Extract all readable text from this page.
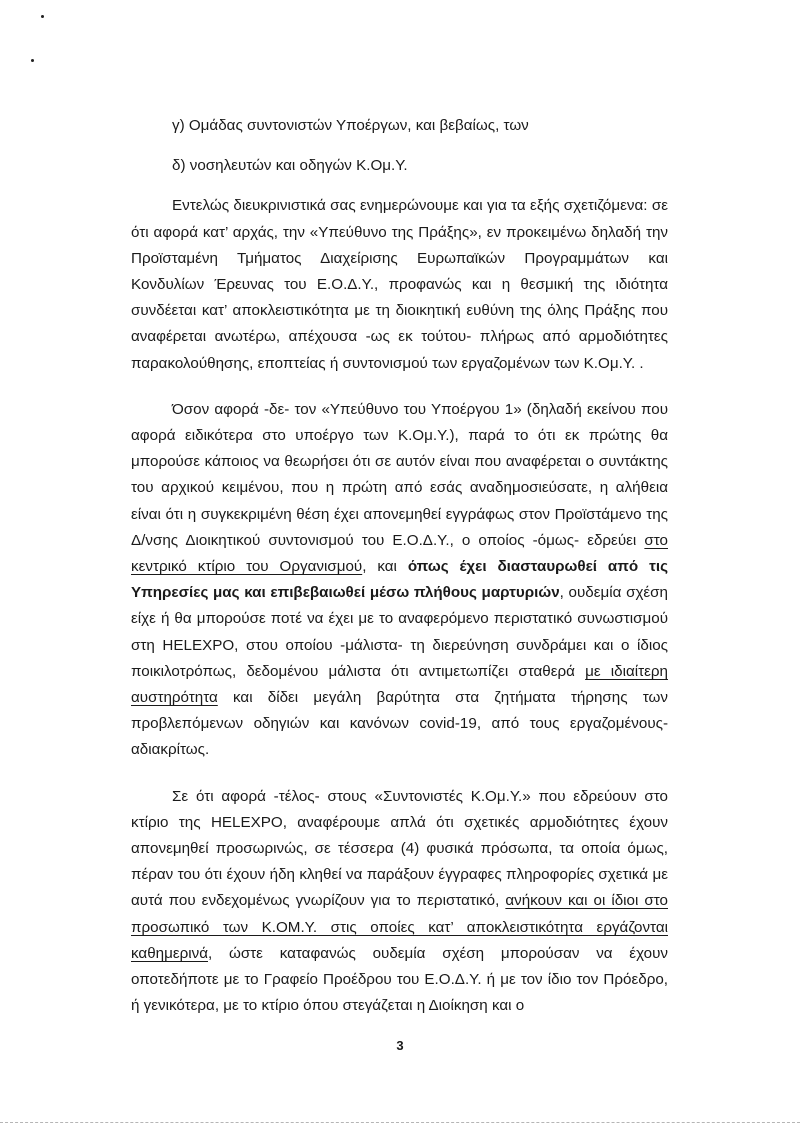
γ) Ομάδας συντονιστών Υποέργων, και βεβαίως, των

δ) νοσηλευτών και οδηγών Κ.Ομ.Υ.

Εντελώς διευκρινιστικά σας ενημερώνουμε και για τα εξής σχετιζόμενα: σε ότι αφορά κατ’ αρχάς, την «Υπεύθυνο της Πράξης», εν προκειμένω δηλαδή την Προϊσταμένη Τμήματος Διαχείρισης Ευρωπαϊκών Προγραμμάτων και Κονδυλίων Έρευνας του Ε.Ο.Δ.Υ., προφανώς και η θεσμική της ιδιότητα συνδέεται κατ’ αποκλειστικότητα με τη διοικητική ευθύνη της όλης Πράξης που αναφέρεται ανωτέρω, απέχουσα -ως εκ τούτου- πλήρως από αρμοδιότητες παρακολούθησης, εποπτείας ή συντονισμού των εργαζομένων των Κ.Ομ.Υ. .

Όσον αφορά -δε- τον «Υπεύθυνο του Υποέργου 1» (δηλαδή εκείνου που αφορά ειδικότερα στο υποέργο των Κ.Ομ.Υ.), παρά το ότι εκ πρώτης θα μπορούσε κάποιος να θεωρήσει ότι σε αυτόν είναι που αναφέρεται ο συντάκτης του αρχικού κειμένου, που η πρώτη από εσάς αναδημοσιεύσατε, η αλήθεια είναι ότι η συγκεκριμένη θέση έχει απονεμηθεί εγγράφως στον Προϊστάμενο της Δ/νσης Διοικητικού συντονισμού του Ε.Ο.Δ.Υ., ο οποίος -όμως- εδρεύει στο κεντρικό κτίριο του Οργανισμού, και όπως έχει διασταυρωθεί από τις Υπηρεσίες μας και επιβεβαιωθεί μέσω πλήθους μαρτυριών, ουδεμία σχέση είχε ή θα μπορούσε ποτέ να έχει με το αναφερόμενο περιστατικό συνωστισμού στη HELEXPO, στου οποίου -μάλιστα- τη διερεύνηση συνδράμει και ο ίδιος ποικιλοτρόπως, δεδομένου μάλιστα ότι αντιμετωπίζει σταθερά με ιδιαίτερη αυστηρότητα και δίδει μεγάλη βαρύτητα στα ζητήματα τήρησης των προβλεπόμενων οδηγιών και κανόνων covid-19, από τους εργαζομένους- αδιακρίτως.

Σε ότι αφορά -τέλος- στους «Συντονιστές Κ.Ομ.Υ.» που εδρεύουν στο κτίριο της HELEXPO, αναφέρουμε απλά ότι σχετικές αρμοδιότητες έχουν απονεμηθεί προσωρινώς, σε τέσσερα (4) φυσικά πρόσωπα, τα οποία όμως, πέραν του ότι έχουν ήδη κληθεί να παράξουν έγγραφες πληροφορίες σχετικά με αυτά που ενδεχομένως γνωρίζουν για το περιστατικό, ανήκουν και οι ίδιοι στο προσωπικό των Κ.ΟΜ.Υ. στις οποίες κατ’ αποκλειστικότητα εργάζονται καθημερινά, ώστε καταφανώς ουδεμία σχέση μπορούσαν να έχουν οποτεδήποτε με το Γραφείο Προέδρου του Ε.Ο.Δ.Υ. ή με τον ίδιο τον Πρόεδρο, ή γενικότερα, με το κτίριο όπου στεγάζεται η Διοίκηση και ο

3
